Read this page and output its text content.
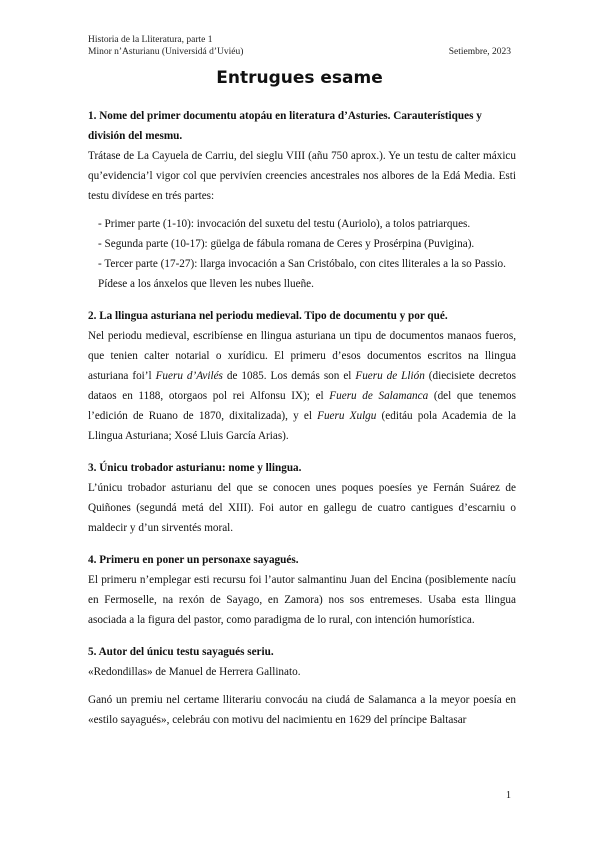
Historia de la Lliteratura, parte 1
Minor n’Asturianu (Universidá d’Uviéu)	Setiembre, 2023
Entrugues esame

1. Nome del primer documentu atopáu en literatura d’Asturies. Carauterístiques y división del mesmu.

Trátase de La Cayuela de Carriu, del sieglu VIII (añu 750 aprox.). Ye un testu de calter máxicu qu’evidencia’l vigor col que pervivíen creencies ancestrales nos albores de la Edá Media. Esti testu divídese en trés partes:

- Primer parte (1-10): invocación del suxetu del testu (Auriolo), a tolos patriarques.

- Segunda parte (10-17): güelga de fábula romana de Ceres y Prosérpina (Puvigina).

- Tercer parte (17-27): llarga invocación a San Cristóbalo, con cites lliterales a la so Passio. Pídese a los ánxelos que lleven les nubes llueñe.

2. La llingua asturiana nel periodu medieval. Tipo de documentu y por qué.

Nel periodu medieval, escribíense en llingua asturiana un tipu de documentos manaos fueros, que tenien calter notarial o xurídicu. El primeru d’esos documentos escritos na llingua asturiana foi’l Fueru d’Avilés de 1085. Los demás son el Fueru de Llión (diecisiete decretos dataos en 1188, otorgaos pol rei Alfonsu IX); el Fueru de Salamanca (del que tenemos l’edición de Ruano de 1870, dixitalizada), y el Fueru Xulgu (editáu pola Academia de la Llingua Asturiana; Xosé Lluis García Arias).

3. Únicu trobador asturianu: nome y llingua.

L’únicu trobador asturianu del que se conocen unes poques poesíes ye Fernán Suárez de Quiñones (segundá metá del XIII). Foi autor en gallegu de cuatro cantigues d’escarniu o maldecir y d’un sirventés moral.

4. Primeru en poner un personaxe sayagués.

El primeru n’emplegar esti recursu foi l’autor salmantinu Juan del Encina (posiblemente nacíu en Fermoselle, na rexón de Sayago, en Zamora) nos sos entremeses. Usaba esta llingua asociada a la figura del pastor, como paradigma de lo rural, con intención humorística.

5. Autor del únicu testu sayagués seriu.

«Redondillas» de Manuel de Herrera Gallinato.

Ganó un premiu nel certame lliterariu convocáu na ciudá de Salamanca a la meyor poesía en «estilo sayagués», celebráu con motivu del nacimientu en 1629 del príncipe Baltasar

1
